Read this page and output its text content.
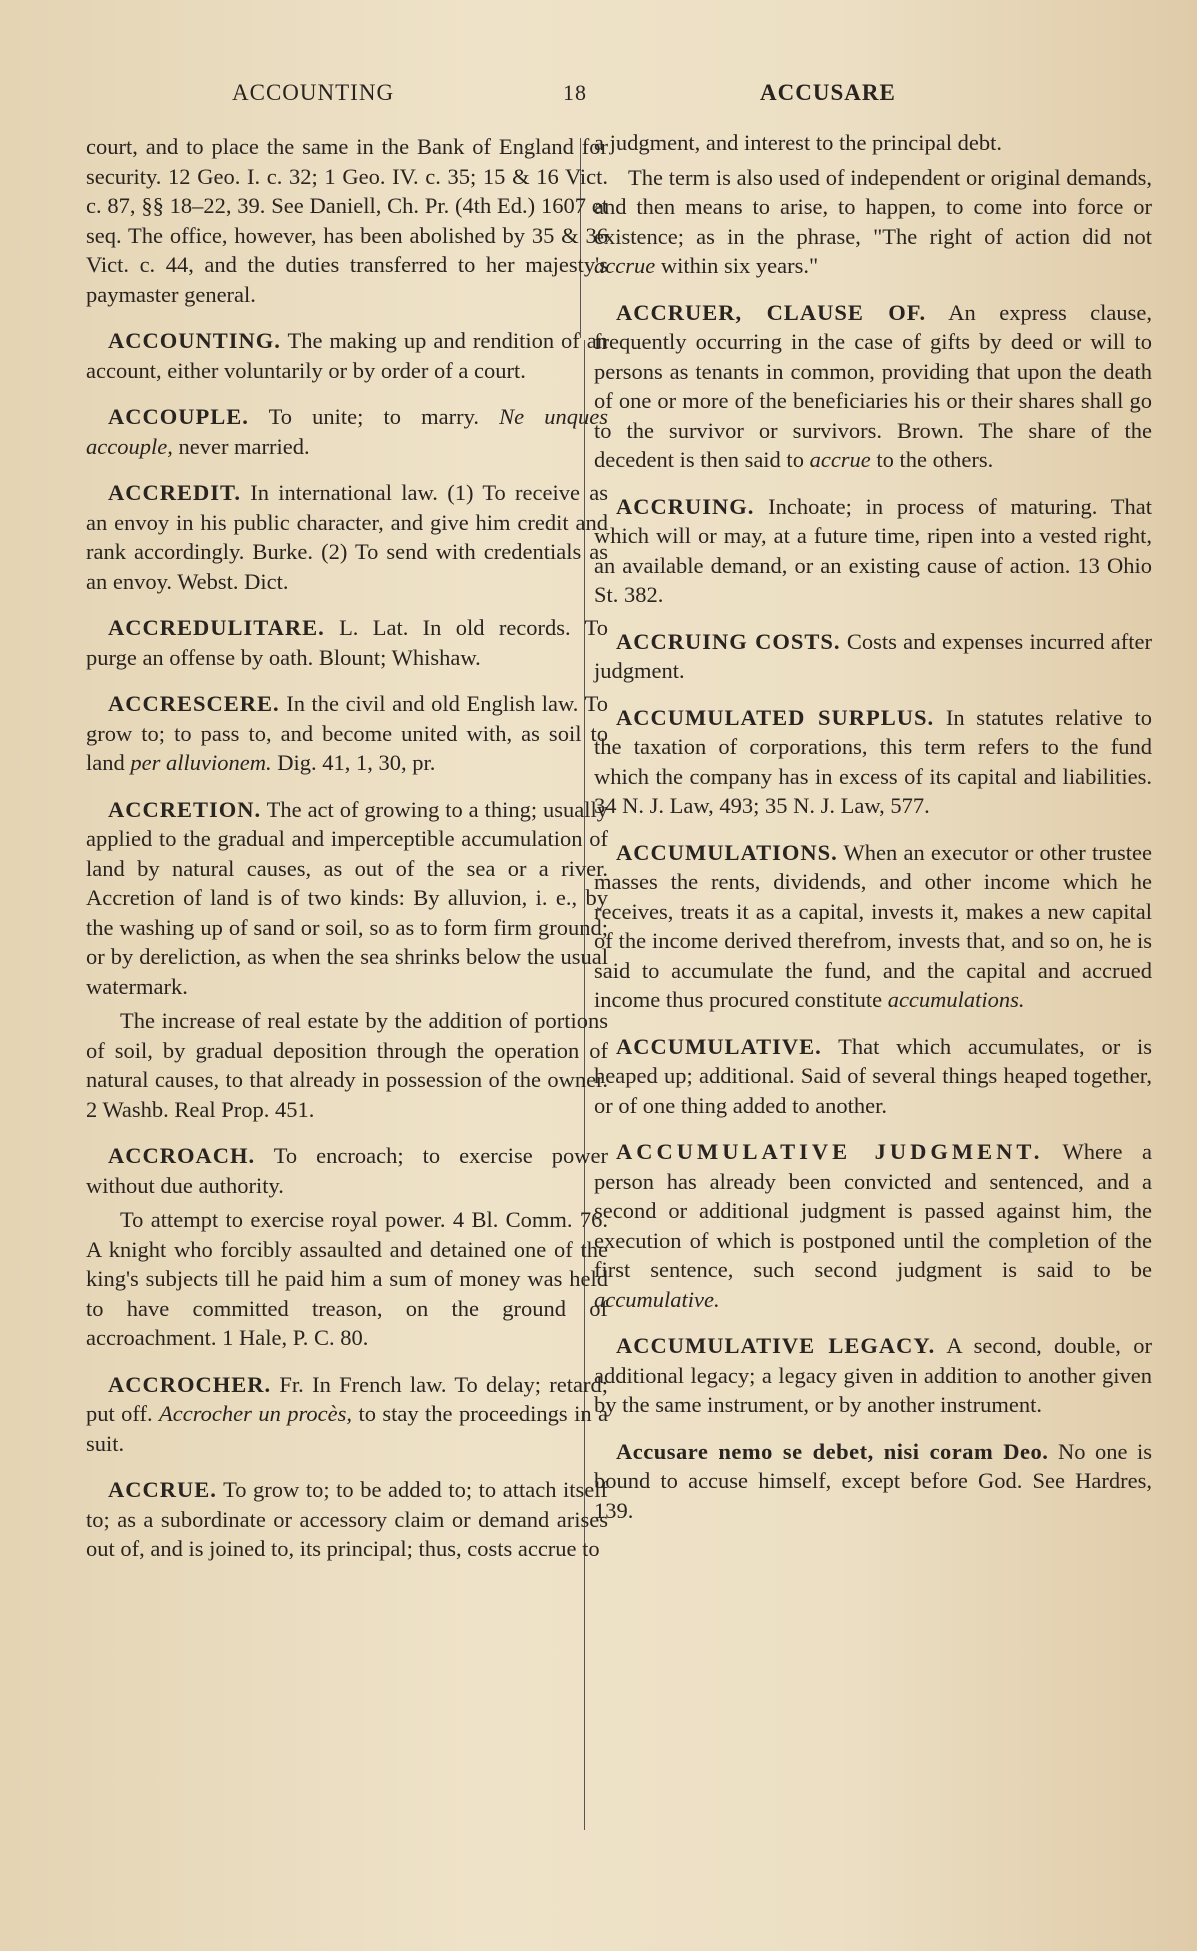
ACCOUNTING	18	ACCUSARE

court, and to place the same in the Bank of England for security. 12 Geo. I. c. 32; 1 Geo. IV. c. 35; 15 & 16 Vict. c. 87, §§ 18–22, 39. See Daniell, Ch. Pr. (4th Ed.) 1607 et seq. The office, however, has been abolished by 35 & 36 Vict. c. 44, and the duties transferred to her majesty's paymaster general.

ACCOUNTING. The making up and rendition of an account, either voluntarily or by order of a court.

ACCOUPLE. To unite; to marry. Ne unques accouple, never married.

ACCREDIT. In international law. (1) To receive as an envoy in his public character, and give him credit and rank accordingly. Burke. (2) To send with credentials as an envoy. Webst. Dict.

ACCREDULITARE. L. Lat. In old records. To purge an offense by oath. Blount; Whishaw.

ACCRESCERE. In the civil and old English law. To grow to; to pass to, and become united with, as soil to land per alluvionem. Dig. 41, 1, 30, pr.

ACCRETION. The act of growing to a thing; usually applied to the gradual and imperceptible accumulation of land by natural causes, as out of the sea or a river. Accretion of land is of two kinds: By alluvion, i. e., by the washing up of sand or soil, so as to form firm ground; or by dereliction, as when the sea shrinks below the usual watermark.

The increase of real estate by the addition of portions of soil, by gradual deposition through the operation of natural causes, to that already in possession of the owner. 2 Washb. Real Prop. 451.

ACCROACH. To encroach; to exercise power without due authority.

To attempt to exercise royal power. 4 Bl. Comm. 76. A knight who forcibly assaulted and detained one of the king's subjects till he paid him a sum of money was held to have committed treason, on the ground of accroachment. 1 Hale, P. C. 80.

ACCROCHER. Fr. In French law. To delay; retard; put off. Accrocher un procès, to stay the proceedings in a suit.

ACCRUE. To grow to; to be added to; to attach itself to; as a subordinate or accessory claim or demand arises out of, and is joined to, its principal; thus, costs accrue to

a judgment, and interest to the principal debt.

The term is also used of independent or original demands, and then means to arise, to happen, to come into force or existence; as in the phrase, "The right of action did not accrue within six years."

ACCRUER, CLAUSE OF. An express clause, frequently occurring in the case of gifts by deed or will to persons as tenants in common, providing that upon the death of one or more of the beneficiaries his or their shares shall go to the survivor or survivors. Brown. The share of the decedent is then said to accrue to the others.

ACCRUING. Inchoate; in process of maturing. That which will or may, at a future time, ripen into a vested right, an available demand, or an existing cause of action. 13 Ohio St. 382.

ACCRUING COSTS. Costs and expenses incurred after judgment.

ACCUMULATED SURPLUS. In statutes relative to the taxation of corporations, this term refers to the fund which the company has in excess of its capital and liabilities. 34 N. J. Law, 493; 35 N. J. Law, 577.

ACCUMULATIONS. When an executor or other trustee masses the rents, dividends, and other income which he receives, treats it as a capital, invests it, makes a new capital of the income derived therefrom, invests that, and so on, he is said to accumulate the fund, and the capital and accrued income thus procured constitute accumulations.

ACCUMULATIVE. That which accumulates, or is heaped up; additional. Said of several things heaped together, or of one thing added to another.

ACCUMULATIVE JUDGMENT. Where a person has already been convicted and sentenced, and a second or additional judgment is passed against him, the execution of which is postponed until the completion of the first sentence, such second judgment is said to be accumulative.

ACCUMULATIVE LEGACY. A second, double, or additional legacy; a legacy given in addition to another given by the same instrument, or by another instrument.

Accusare nemo se debet, nisi coram Deo. No one is bound to accuse himself, except before God. See Hardres, 139.
